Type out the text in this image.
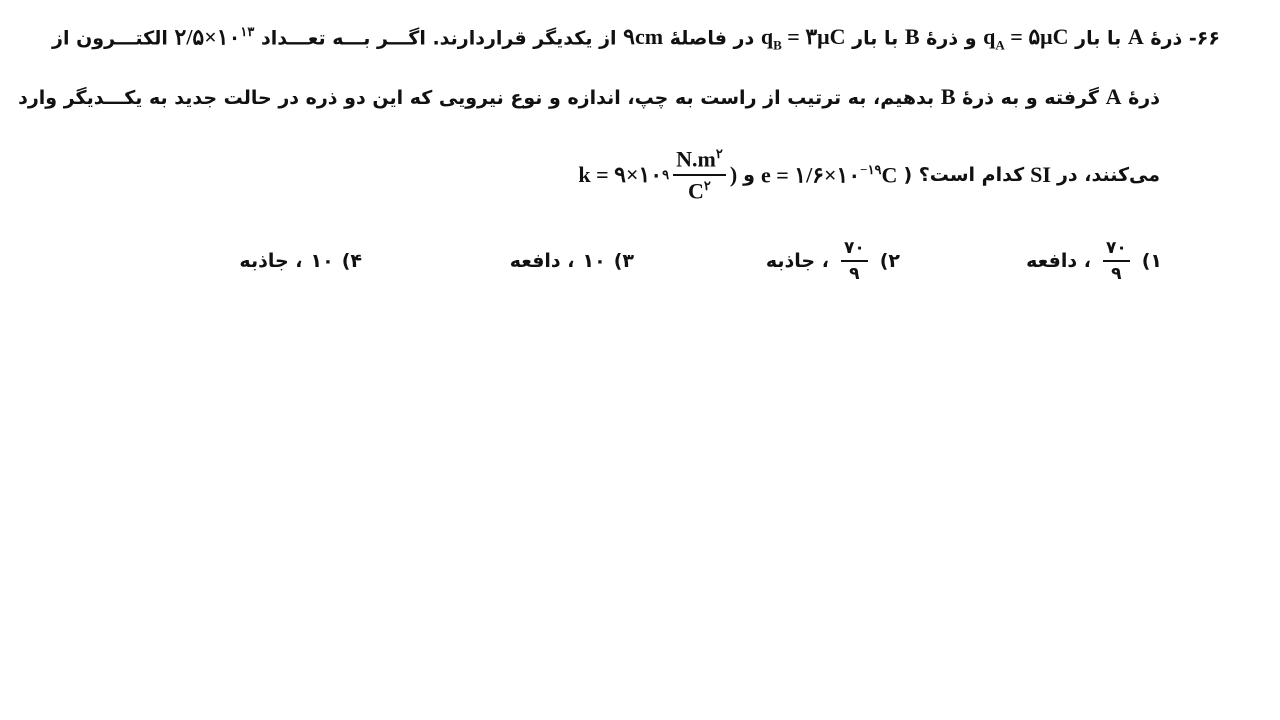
۶۶- ذرهٔ A با بار $q_A$ = ۵μC و ذرهٔ B با بار $q_B$ = ۳μC در فاصلهٔ ۹cm از یکدیگر قراردارند. اگـــر بـــه تعـــداد $۲/۵\times ۱۰^{۱۳}$ الکتـــرون از
ذرهٔ A گرفته و به ذرهٔ B بدهیم، به ترتیب از راست به چپ، اندازه و نوع نیرویی که این دو ذره در حالت جدید به یکـــدیگر وارد
می‌کنند، در
SI
کدام است؟ (
$e = ۱/۶\times ۱۰^{-۱۹}C$
و
k = ۹×۱۰ ۹ $\frac{N.m^۲}{C^۲}$ )
۱)
$\frac{۷۰}{۹}$
، دافعه
۲)
$\frac{۷۰}{۹}$
، جاذبه
۳)
۱۰
، دافعه
۴)
۱۰
، جاذبه
